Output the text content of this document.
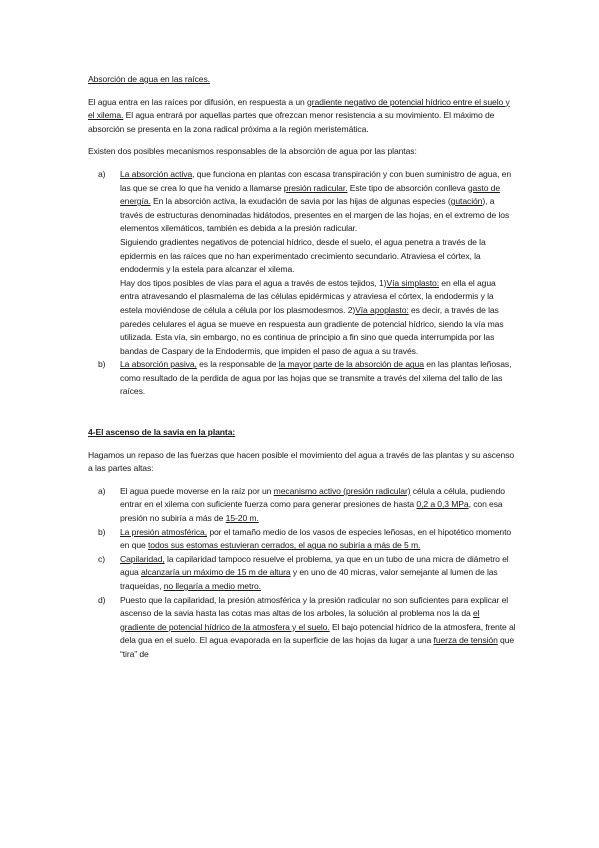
Absorción de agua en las raíces.

El agua entra en las raíces por difusión, en respuesta a un gradiente negativo de potencial hídrico entre el suelo y el xilema. El agua entrará por aquellas partes que ofrezcan menor resistencia a su movimiento. El máximo de absorción se presenta en la zona radical próxima a la región meristemática.

Existen dos posibles mecanismos responsables de la absorción de agua por las plantas:

a) La absorción activa, que funciona en plantas con escasa transpiración y con buen suministro de agua, en las que se crea lo que ha venido a llamarse presión radicular. Este tipo de absorción conlleva gasto de energía. En la absorción activa, la exudación de savia por las hijas de algunas especies (gutación), a través de estructuras denominadas hidátodos, presentes en el margen de las hojas, en el extremo de los elementos xilemáticos, también es debida a la presión radicular.

Siguiendo gradientes negativos de potencial hídrico, desde el suelo, el agua penetra a través de la epidermis en las raíces que no han experimentado crecimiento secundario. Atraviesa el córtex, la endodermis y la estela para alcanzar el xilema.

Hay dos tipos posibles de vías para el agua a través de estos tejidos, 1)Vía simplasto: en ella el agua entra atravesando el plasmalema de las células epidérmicas y atraviesa el córtex, la endodermis y la estela moviéndose de célula a célula por los plasmodesmos. 2)Vía apoplasto: es decir, a través de las paredes celulares el agua se mueve en respuesta aun gradiente de potencial hídrico, siendo la vía mas utilizada. Esta vía, sin embargo, no es continua de principio a fin sino que queda interrumpida por las bandas de Caspary de la Endodermis, que impiden el paso de agua a su través.

b) La absorción pasiva, es la responsable de la mayor parte de la absorción de agua en las plantas leñosas, como resultado de la perdida de agua por las hojas que se transmite a través del xilema del tallo de las raíces.

4-El ascenso de la savia en la planta:

Hagamos un repaso de las fuerzas que hacen posible el movimiento del agua a través de las plantas y su ascenso a las partes altas:

a) El agua puede moverse en la raíz por un mecanismo activo (presión radicular) célula a célula, pudiendo entrar en el xilema con suficiente fuerza como para generar presiones de hasta 0,2 a 0,3 MPa, con esa presión no subiría a más de 15-20 m.

b) La presión atmosférica, por el tamaño medio de los vasos de especies leñosas, en el hipotético momento en que todos sus estomas estuvieran cerrados, el agua no subiría a más de 5 m.

c) Capilaridad, la capilaridad tampoco resuelve el problema, ya que en un tubo de una micra de diámetro el agua alcanzaría un máximo de 15 m de altura y en uno de 40 micras, valor semejante al lumen de las traqueidas, no llegaría a medio metro.

d) Puesto que la capilaridad, la presión atmosférica y la presión radicular no son suficientes para explicar el ascenso de la savia hasta las cotas mas altas de los arboles, la solución al problema nos la da el gradiente de potencial hídrico de la atmosfera y el suelo. El bajo potencial hídrico de la atmosfera, frente al dela gua en el suelo. El agua evaporada en la superficie de las hojas da lugar a una fuerza de tensión que “tira” de
